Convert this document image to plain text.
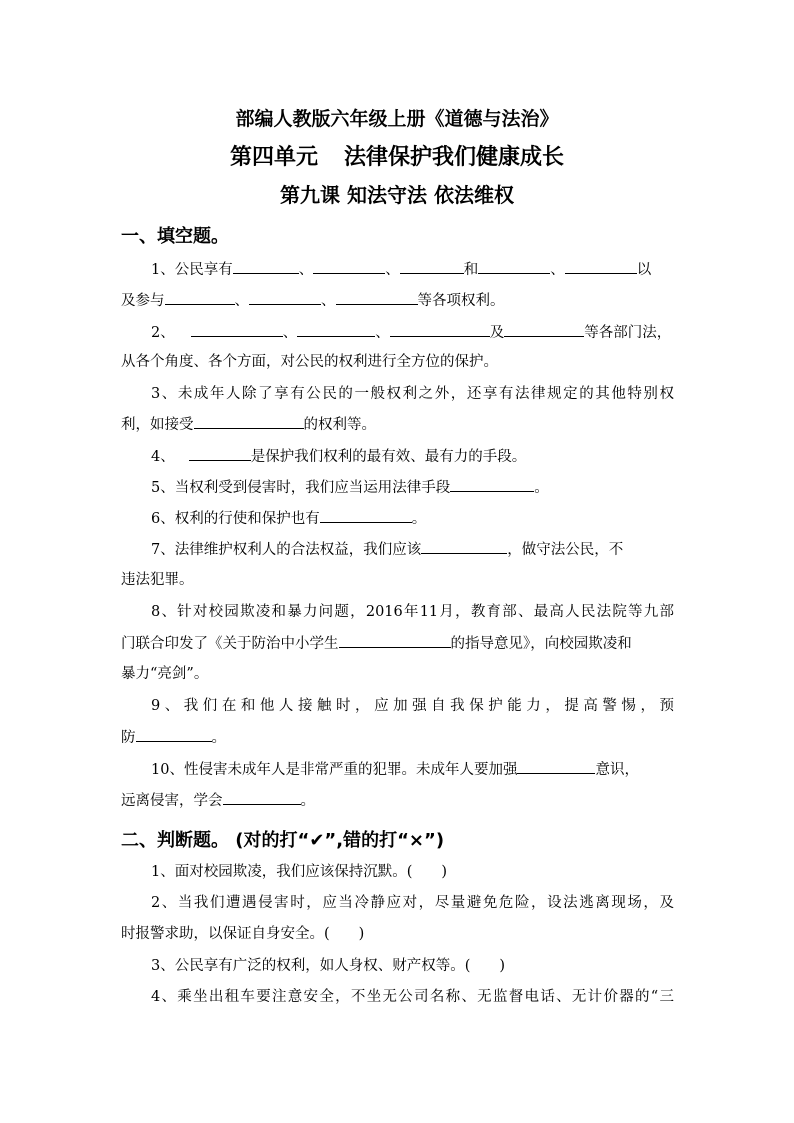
部编人教版六年级上册《道德与法治》
第四单元 法律保护我们健康成长
第九课 知法守法 依法维权
一、填空题。
1、公民享有	、	、	和	、	以
及参与	、	、	等各项权利。
2、	、	、	及	等各部门法，
从各个角度、各个方面，对公民的权利进行全方位的保护。
3、未成年人除了享有公民的一般权利之外，还享有法律规定的其他特别权
利，如接受	的权利等。
4、	是保护我们权利的最有效、最有力的手段。
5、当权利受到侵害时，我们应当运用法律手段	。
6、权利的行使和保护也有	。
7、法律维护权利人的合法权益，我们应该	，做守法公民，不
违法犯罪。
8、针对校园欺凌和暴力问题，2016年11月，教育部、最高人民法院等九部
门联合印发了《关于防治中小学生	的指导意见》，向校园欺凌和
暴力“亮剑”。
9、我们在和他人接触时，应加强自我保护能力，提高警惕，预
防	。
10、性侵害未成年人是非常严重的犯罪。未成年人要加强	意识，
远离侵害，学会	。
二、判断题。 (对的打“✔”,错的打“×”)
1、面对校园欺凌，我们应该保持沉默。(　　)
2、当我们遭遇侵害时，应当冷静应对，尽量避免危险，设法逃离现场，及
时报警求助，以保证自身安全。(　　)
3、公民享有广泛的权利，如人身权、财产权等。(　　)
4、乘坐出租车要注意安全，不坐无公司名称、无监督电话、无计价器的“三
